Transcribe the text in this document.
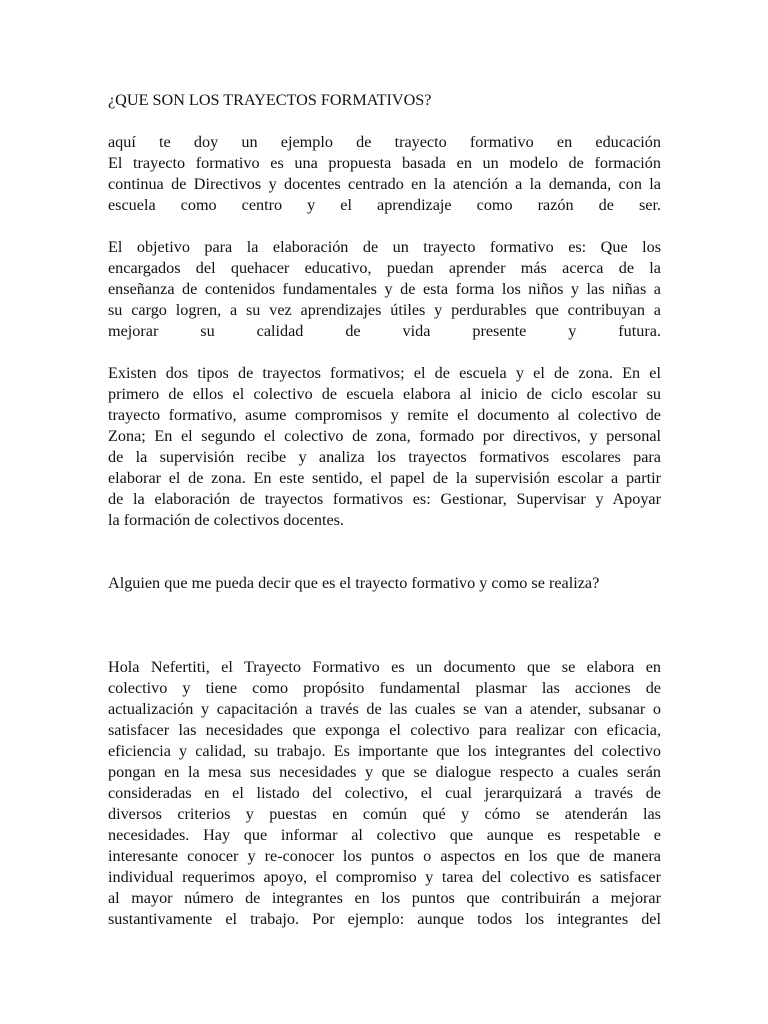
¿QUE SON LOS TRAYECTOS FORMATIVOS?
aquí te doy un ejemplo de trayecto formativo en educación
El trayecto formativo es una propuesta basada en un modelo de formación
continua de Directivos y docentes centrado en la atención a la demanda, con la
escuela como centro y el aprendizaje como razón de ser.
El objetivo para la elaboración de un trayecto formativo es: Que los
encargados del quehacer educativo, puedan aprender más acerca de la
enseñanza de contenidos fundamentales y de esta forma los niños y las niñas a
su cargo logren, a su vez aprendizajes útiles y perdurables que contribuyan a
mejorar su calidad de vida presente y futura.
Existen dos tipos de trayectos formativos; el de escuela y el de zona. En el
primero de ellos el colectivo de escuela elabora al inicio de ciclo escolar su
trayecto formativo, asume compromisos y remite el documento al colectivo de
Zona; En el segundo el colectivo de zona, formado por directivos, y personal
de la supervisión recibe y analiza los trayectos formativos escolares para
elaborar el de zona. En este sentido, el papel de la supervisión escolar a partir
de la elaboración de trayectos formativos es: Gestionar, Supervisar y Apoyar
la formación de colectivos docentes.
Alguien que me pueda decir que es el trayecto formativo y como se realiza?
Hola Nefertiti, el Trayecto Formativo es un documento que se elabora en
colectivo y tiene como propósito fundamental plasmar las acciones de
actualización y capacitación a través de las cuales se van a atender, subsanar o
satisfacer las necesidades que exponga el colectivo para realizar con eficacia,
eficiencia y calidad, su trabajo. Es importante que los integrantes del colectivo
pongan en la mesa sus necesidades y que se dialogue respecto a cuales serán
consideradas en el listado del colectivo, el cual jerarquizará a través de
diversos criterios y puestas en común qué y cómo se atenderán las
necesidades. Hay que informar al colectivo que aunque es respetable e
interesante conocer y re-conocer los puntos o aspectos en los que de manera
individual requerimos apoyo, el compromiso y tarea del colectivo es satisfacer
al mayor número de integrantes en los puntos que contribuirán a mejorar
sustantivamente el trabajo. Por ejemplo: aunque todos los integrantes del
